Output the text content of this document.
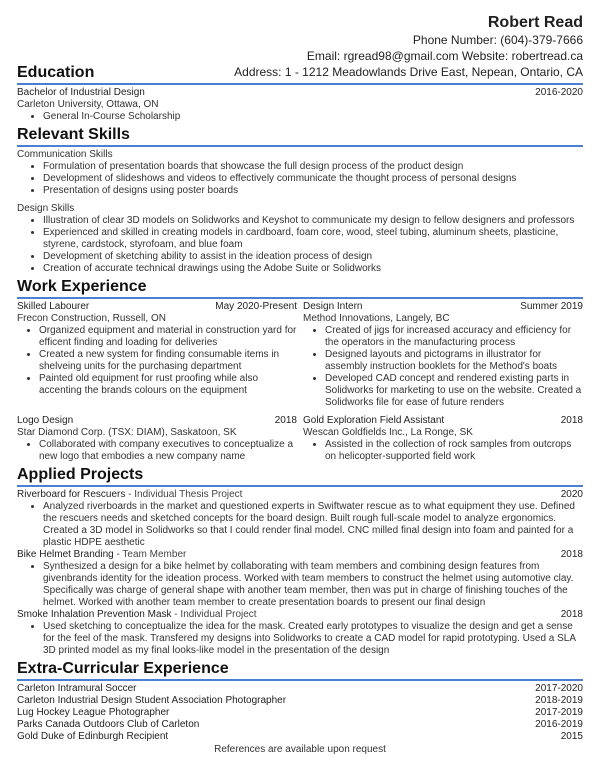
Robert Read
Phone Number: (604)-379-7666
Email: rgread98@gmail.com Website: robertread.ca
Education	Address: 1 - 1212 Meadowlands Drive East, Nepean, Ontario, CA
Bachelor of Industrial Design	2016-2020
Carleton University, Ottawa, ON
• General In-Course Scholarship
Relevant Skills
Communication Skills
• Formulation of presentation boards that showcase the full design process of the product design
• Development of slideshows and videos to effectively communicate the thought process of personal designs
• Presentation of designs using poster boards
Design Skills
• Illustration of clear 3D models on Solidworks and Keyshot to communicate my design to fellow designers and professors
• Experienced and skilled in creating models in cardboard, foam core, wood, steel tubing, aluminum sheets, plasticine, styrene, cardstock, styrofoam, and blue foam
• Development of sketching ability to assist in the ideation process of design
• Creation of accurate technical drawings using the Adobe Suite or Solidworks
Work Experience
Skilled Labourer	May 2020-Present
Frecon Construction, Russell, ON
• Organized equipment and material in construction yard for efficent finding and loading for deliveries
• Created a new system for finding consumable items in shelveing units for the purchasing department
• Painted old equipment for rust proofing while also accenting the brands colours on the equipment
Design Intern	Summer 2019
Method Innovations, Langely, BC
• Created of jigs for increased accuracy and efficiency for the operators in the manufacturing process
• Designed layouts and pictograms in illustrator for assembly instruction booklets for the Method's boats
• Developed CAD concept and rendered existing parts in Solidworks for marketing to use on the website. Created a Solidworks file for ease of future renders
Logo Design	2018
Star Diamond Corp. (TSX: DIAM), Saskatoon, SK
• Collaborated with company executives to conceptualize a new logo that embodies a new company name
Gold Exploration Field Assistant	2018
Wescan Goldfields Inc., La Ronge, SK
• Assisted in the collection of rock samples from outcrops on helicopter-supported field work
Applied Projects
Riverboard for Rescuers - Individual Thesis Project	2020
• Analyzed riverboards in the market and questioned experts in Swiftwater rescue as to what equipment they use. Defined the rescuers needs and sketched concepts for the board design. Built rough full-scale model to analyze ergonomics. Created a 3D model in Solidworks so that I could render final model. CNC milled final design into foam and painted for a plastic HDPE aesthetic
Bike Helmet Branding - Team Member	2018
• Synthesized a design for a bike helmet by collaborating with team members and combining design features from givenbrands identity for the ideation process. Worked with team members to construct the helmet using automotive clay. Specifically was charge of general shape with another team member, then was put in charge of finishing touches of the helmet. Worked with another team member to create presentation boards to present our final design
Smoke Inhalation Prevention Mask - Individual Project	2018
• Used sketching to conceptualize the idea for the mask. Created early prototypes to visualize the design and get a sense for the feel of the mask. Transfered my designs into Solidworks to create a CAD model for rapid prototyping. Used a SLA 3D printed model as my final looks-like model in the presentation of the design
Extra-Curricular Experience
Carleton Intramural Soccer	2017-2020
Carleton Industrial Design Student Association Photographer	2018-2019
Lug Hockey League Photographer	2017-2019
Parks Canada Outdoors Club of Carleton	2016-2019
Gold Duke of Edinburgh Recipient	2015
References are available upon request
